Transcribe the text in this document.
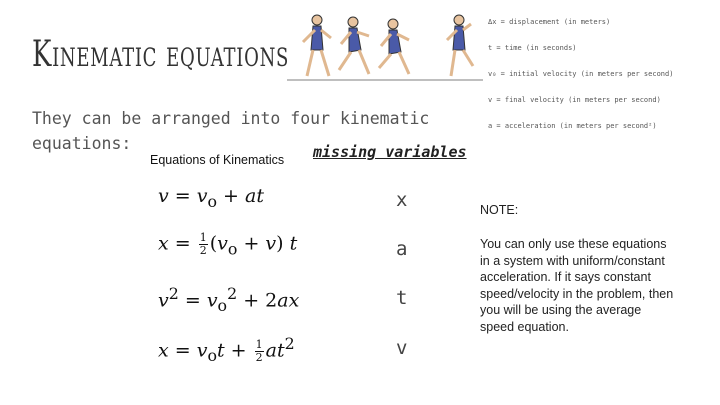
Kinematic equations
They can be arranged into four kinematic equations:
Δx = displacement (in meters)
t = time (in seconds)
v₀ = initial velocity (in meters per second)
v = final velocity (in meters per second)
a = acceleration (in meters per second²)
Equations of Kinematics
$v = v_o$ + at
$x = \frac{1}{2} (v_o + v)$ t
$v^2 = v_o^2 + 2ax$
$x = v_ot + \frac{1}{2} at^2$
missing variables
x
a
t
v
NOTE:
You can only use these equations in a system with uniform/constant acceleration. If it says constant speed/velocity in the problem, then you will be using the average speed equation.
